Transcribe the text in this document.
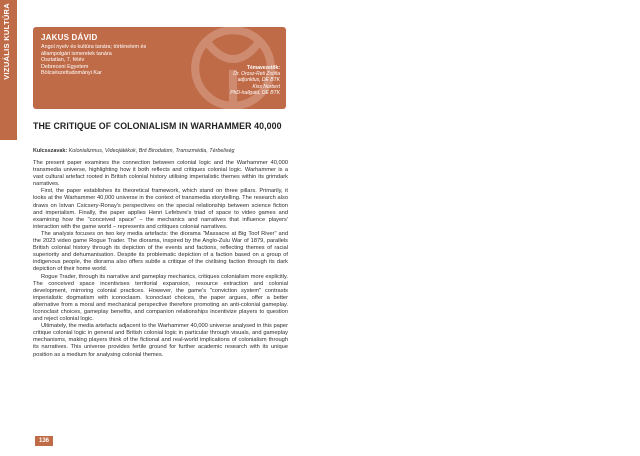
VIZUÁLIS KULTÚRA	JAKUS DÁVID
Angol nyelv és kultúra tanára; történelem és
állampolgári ismeretek tanára
Osztatlan, 7. félév
Debreceni Egyetem
Bölcsészettudományi Kar
Témavezetők:
Dr. Orosz-Reti Zsófia
adjunktus, DE BTK
Kiss Norbert
PhD-hallgató, DE BTK
THE CRITIQUE OF COLONIALISM IN WARHAMMER 40,000
Kulcsszavak: Kolonializmus, Videojátékok, Brit Birodalom, Transzmédia, Térbeliség

The present paper examines the connection between colonial logic and the Warhammer 40,000 transmedia universe, highlighting how it both reflects and critiques colonial logic. Warhammer is a vast cultural artefact rooted in British colonial history utilising imperialistic themes within its grimdark narratives.

First, the paper establishes its theoretical framework, which stand on three pillars. Primarily, it looks at the Warhammer 40,000 universe in the context of transmedia storytelling. The research also draws on Istvan Csicsery-Ronay's perspectives on the special relationship between science fiction and imperialism. Finally, the paper applies Henri Lefebvre's triad of space to video games and examining how the "conceived space" – the mechanics and narratives that influence players' interaction with the game world – represents and critiques colonial narratives.

The analysis focuses on two key media artefacts: the diorama "Massacre at Big Toof River" and the 2023 video game Rogue Trader. The diorama, inspired by the Anglo-Zulu War of 1879, parallels British colonial history through its depiction of the events and factions, reflecting themes of racial superiority and dehumanisation. Despite its problematic depiction of a faction based on a group of indigenous people, the diorama also offers subtle a critique of the civilising faction through its dark depiction of their home world.

Rogue Trader, through its narrative and gameplay mechanics, critiques colonialism more explicitly. The conceived space incentivises territorial expansion, resource extraction and colonial development, mirroring colonial practices. However, the game's "conviction system" contrasts imperialistic dogmatism with iconoclasm. Iconoclast choices, the paper argues, offer a better alternative from a moral and mechanical perspective therefore promoting an anti-colonial gameplay. Iconoclast choices, gameplay benefits, and companion relationships incentivize players to question and reject colonial logic.

Ultimately, the media artefacts adjacent to the Warhammer 40,000 universe analysed in this paper critique colonial logic in general and British colonial logic in particular through visuals, and gameplay mechanisms, making players think of the fictional and real-world implications of colonialism through its narratives. This universe provides fertile ground for further academic research with its unique position as a medium for analysing colonial themes.

136
